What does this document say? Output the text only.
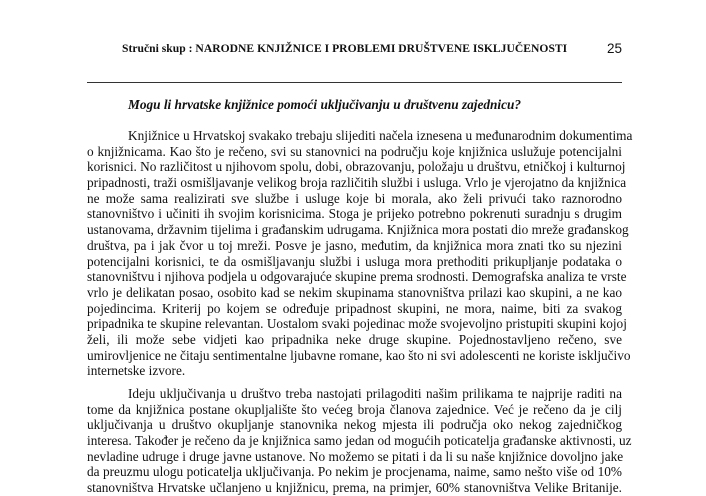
Stručni skup : NARODNE KNJIŽNICE I PROBLEMI DRUŠTVENE ISKLJUČENOSTI	25
Mogu li hrvatske knjižnice pomoći uključivanju u društvenu zajednicu?
Knjižnice u Hrvatskoj svakako trebaju slijediti načela iznesena u međunarodnim dokumentima
o knjižnicama. Kao što je rečeno, svi su stanovnici na području koje knjižnica uslužuje potencijalni
korisnici. No različitost u njihovom spolu, dobi, obrazovanju, položaju u društvu, etničkoj i kulturnoj
pripadnosti, traži osmišljavanje velikog broja različitih službi i usluga. Vrlo je vjerojatno da knjižnica
ne može sama realizirati sve službe i usluge koje bi morala, ako želi privući tako raznorodno
stanovništvo i učiniti ih svojim korisnicima. Stoga je prijeko potrebno pokrenuti suradnju s drugim
ustanovama, državnim tijelima i građanskim udrugama. Knjižnica mora postati dio mreže građanskog
društva, pa i jak čvor u toj mreži. Posve je jasno, međutim, da knjižnica mora znati tko su njezini
potencijalni korisnici, te da osmišljavanju službi i usluga mora prethoditi prikupljanje podataka o
stanovništvu i njihova podjela u odgovarajuće skupine prema srodnosti. Demografska analiza te vrste
vrlo je delikatan posao, osobito kad se nekim skupinama stanovništva prilazi kao skupini, a ne kao
pojedincima. Kriterij po kojem se određuje pripadnost skupini, ne mora, naime, biti za svakog
pripadnika te skupine relevantan. Uostalom svaki pojedinac može svojevoljno pristupiti skupini kojoj
želi, ili može sebe vidjeti kao pripadnika neke druge skupine. Pojednostavljeno rečeno, sve
umirovljenice ne čitaju sentimentalne ljubavne romane, kao što ni svi adolescenti ne koriste isključivo
internetske izvore.
Ideju uključivanja u društvo treba nastojati prilagoditi našim prilikama te najprije raditi na
tome da knjižnica postane okupljalište što većeg broja članova zajednice. Već je rečeno da je cilj
uključivanja u društvo okupljanje stanovnika nekog mjesta ili područja oko nekog zajedničkog
interesa. Također je rečeno da je knjižnica samo jedan od mogućih poticatelja građanske aktivnosti, uz
nevladine udruge i druge javne ustanove. No možemo se pitati i da li su naše knjižnice dovoljno jake
da preuzmu ulogu poticatelja uključivanja. Po nekim je procjenama, naime, samo nešto više od 10%
stanovništva Hrvatske učlanjeno u knjižnicu, prema, na primjer, 60% stanovništva Velike Britanije.
